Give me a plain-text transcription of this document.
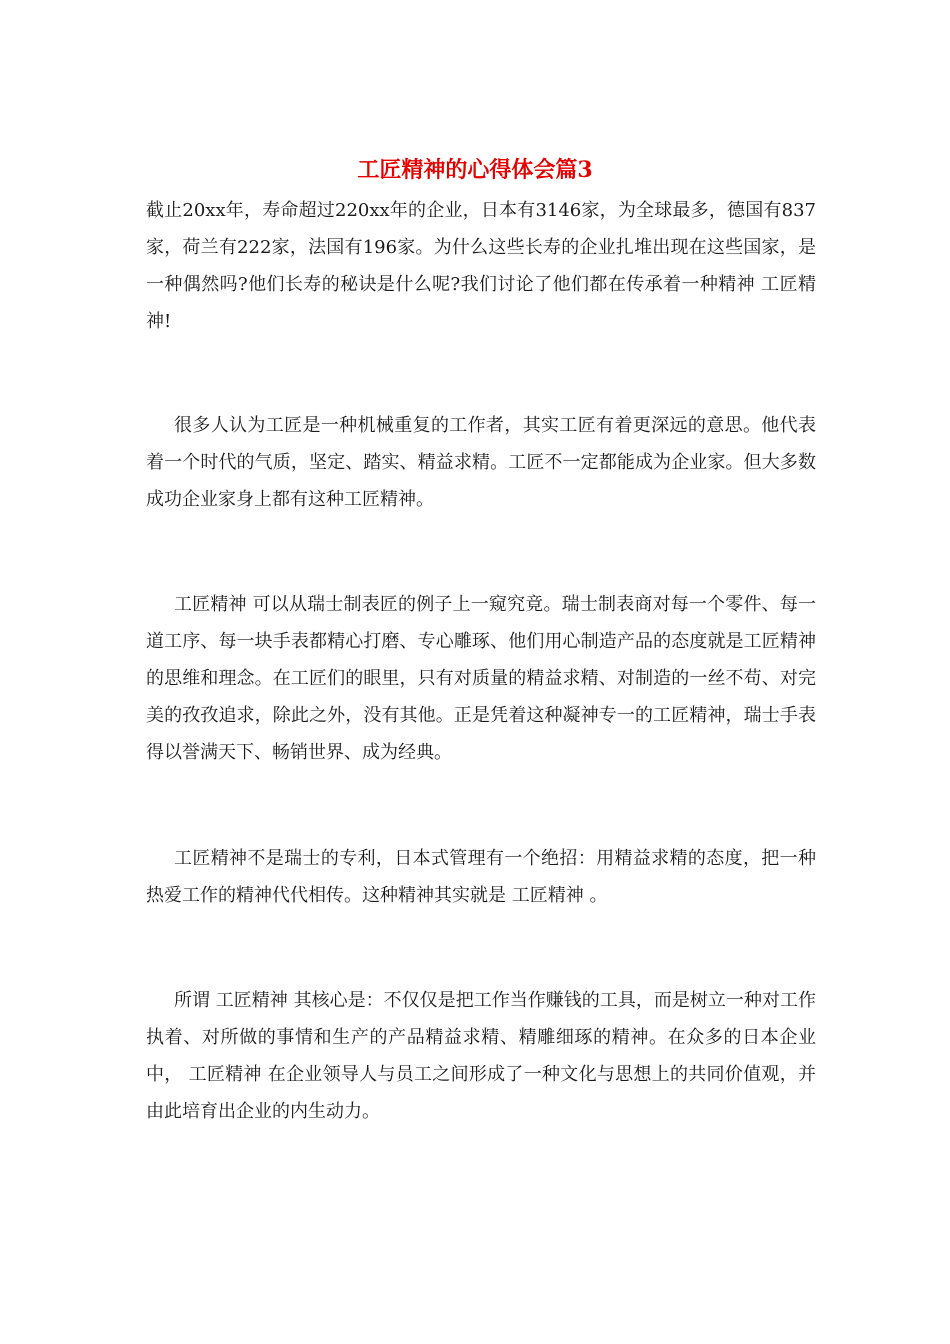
工匠精神的心得体会篇3

截止20xx年，寿命超过220xx年的企业，日本有3146家，为全球最多，德国有837家，荷兰有222家，法国有196家。为什么这些长寿的企业扎堆出现在这些国家，是一种偶然吗?他们长寿的秘诀是什么呢?我们讨论了他们都在传承着一种精神 工匠精神!

很多人认为工匠是一种机械重复的工作者，其实工匠有着更深远的意思。他代表着一个时代的气质，坚定、踏实、精益求精。工匠不一定都能成为企业家。但大多数成功企业家身上都有这种工匠精神。

工匠精神 可以从瑞士制表匠的例子上一窥究竟。瑞士制表商对每一个零件、每一道工序、每一块手表都精心打磨、专心雕琢、他们用心制造产品的态度就是工匠精神的思维和理念。在工匠们的眼里，只有对质量的精益求精、对制造的一丝不苟、对完美的孜孜追求，除此之外，没有其他。正是凭着这种凝神专一的工匠精神，瑞士手表得以誉满天下、畅销世界、成为经典。

工匠精神不是瑞士的专利，日本式管理有一个绝招：用精益求精的态度，把一种热爱工作的精神代代相传。这种精神其实就是 工匠精神 。

所谓 工匠精神 其核心是：不仅仅是把工作当作赚钱的工具，而是树立一种对工作执着、对所做的事情和生产的产品精益求精、精雕细琢的精神。在众多的日本企业中， 工匠精神 在企业领导人与员工之间形成了一种文化与思想上的共同价值观，并由此培育出企业的内生动力。
